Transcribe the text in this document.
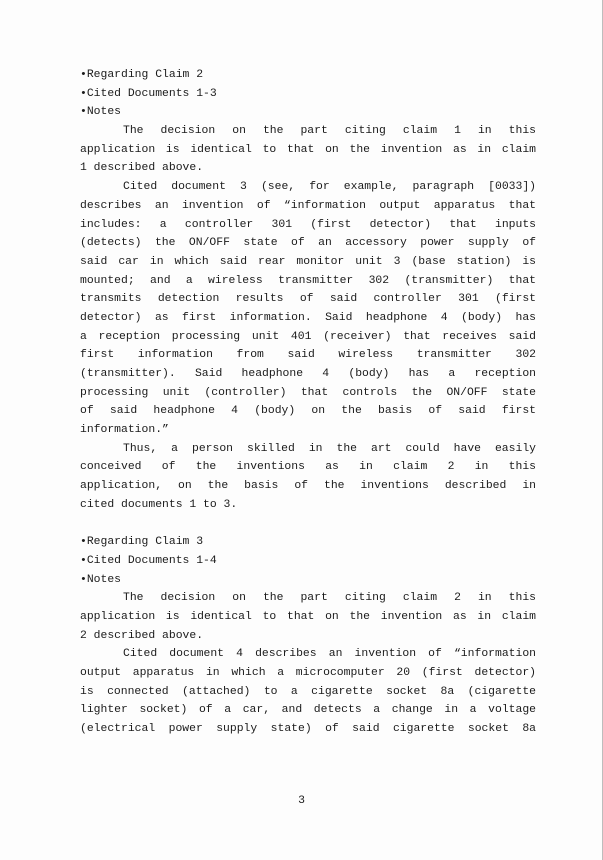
•Regarding Claim 2
•Cited Documents 1-3
•Notes
The decision on the part citing claim 1 in this
application is identical to that on the invention as in claim
1 described above.
Cited document 3 (see, for example, paragraph [0033])
describes an invention of “information output apparatus that
includes: a controller 301 (first detector) that inputs
(detects) the ON/OFF state of an accessory power supply of
said car in which said rear monitor unit 3 (base station) is
mounted; and a wireless transmitter 302 (transmitter) that
transmits detection results of said controller 301 (first
detector) as first information. Said headphone 4 (body) has
a reception processing unit 401 (receiver) that receives said
first information from said wireless transmitter 302
(transmitter). Said headphone 4 (body) has a reception
processing unit (controller) that controls the ON/OFF state
of said headphone 4 (body) on the basis of said first
information.”
Thus, a person skilled in the art could have easily
conceived of the inventions as in claim 2 in this
application, on the basis of the inventions described in
cited documents 1 to 3.
•Regarding Claim 3
•Cited Documents 1-4
•Notes
The decision on the part citing claim 2 in this
application is identical to that on the invention as in claim
2 described above.
Cited document 4 describes an invention of “information
output apparatus in which a microcomputer 20 (first detector)
is connected (attached) to a cigarette socket 8a (cigarette
lighter socket) of a car, and detects a change in a voltage
(electrical power supply state) of said cigarette socket 8a
3
